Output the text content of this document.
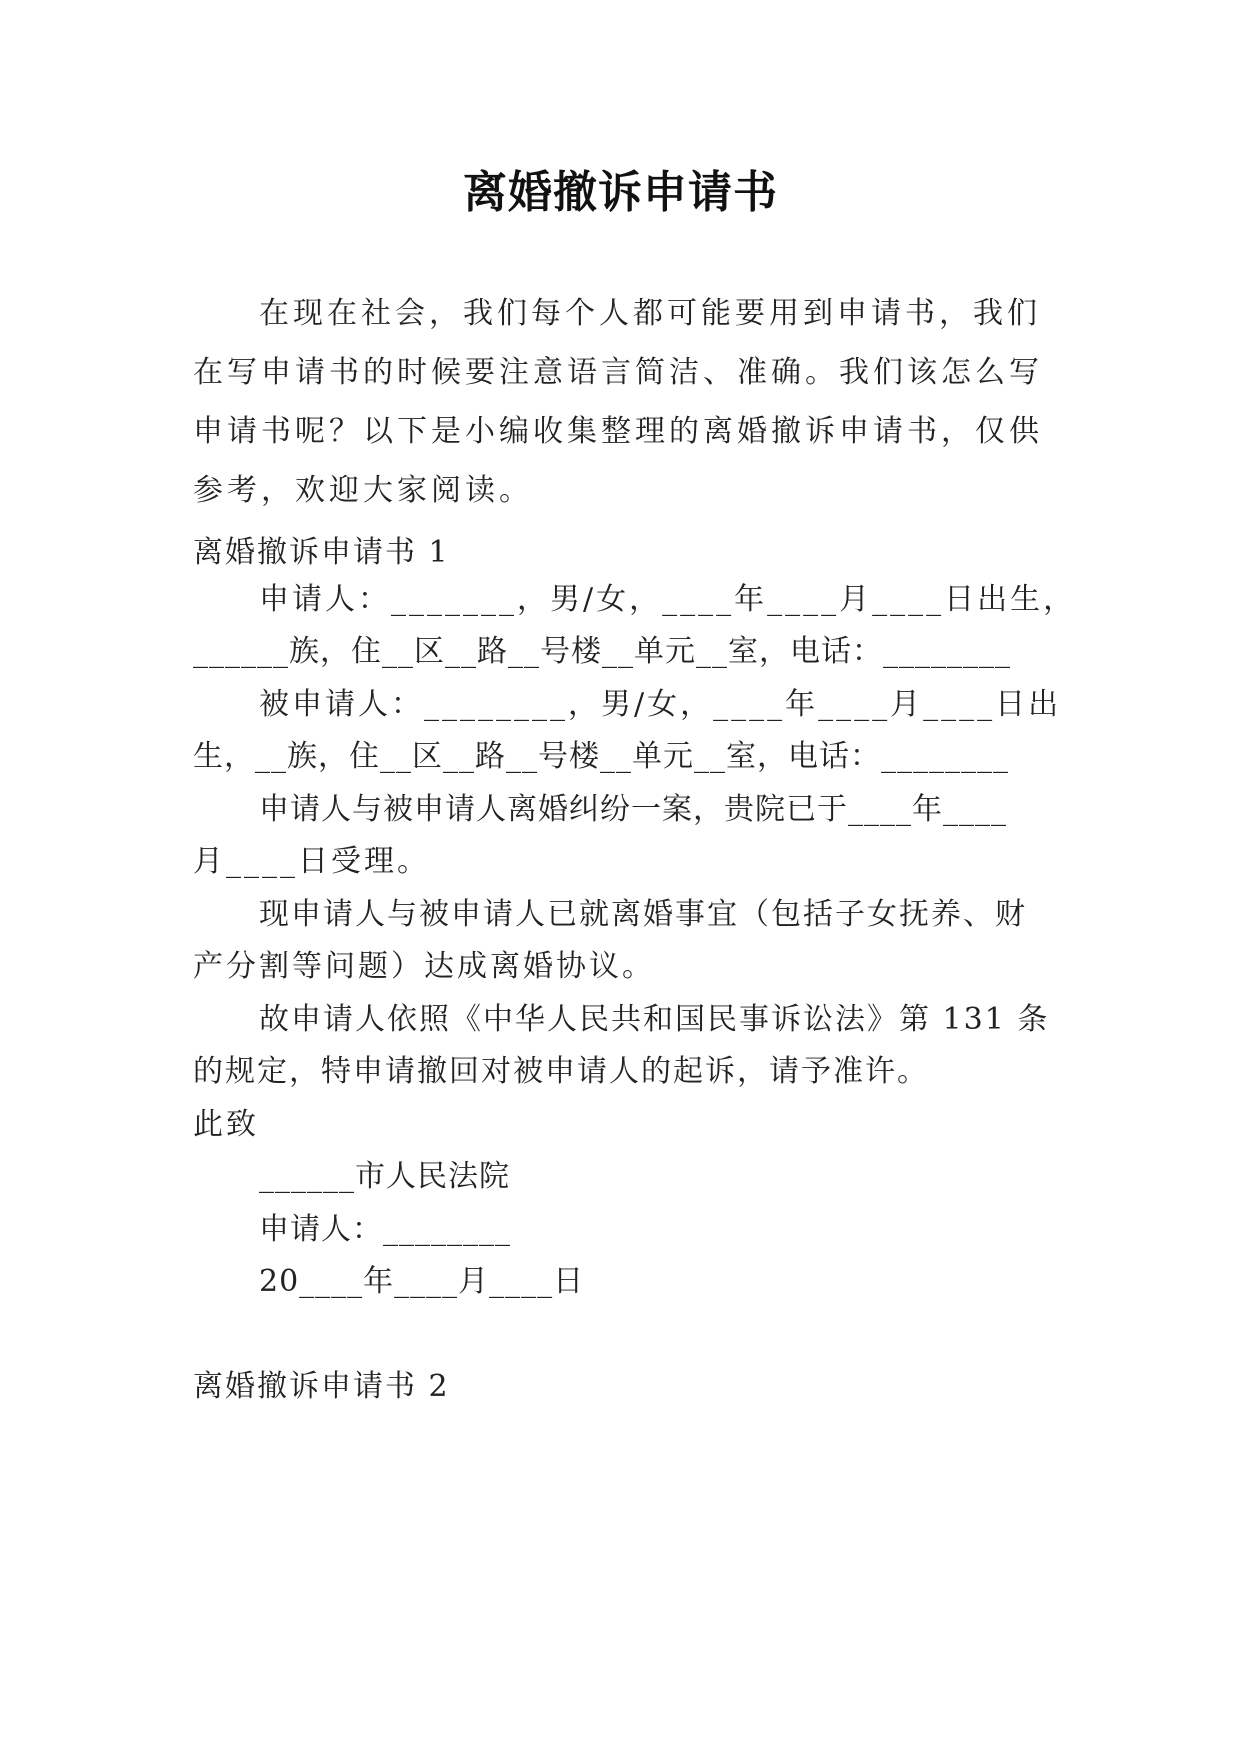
离婚撤诉申请书
在现在社会，我们每个人都可能要用到申请书，我们在写申请书的时候要注意语言简洁、准确。我们该怎么写申请书呢？以下是小编收集整理的离婚撤诉申请书，仅供参考，欢迎大家阅读。
离婚撤诉申请书 1
申请人：_______，男/女，____年____月____日出生，
______族，住__区__路__号楼__单元__室，电话：________
被申请人：________，男/女，____年____月____日出
生，__族，住__区__路__号楼__单元__室，电话：________
申请人与被申请人离婚纠纷一案，贵院已于____年____
月____日受理。
现申请人与被申请人已就离婚事宜（包括子女抚养、财
产分割等问题）达成离婚协议。
故申请人依照《中华人民共和国民事诉讼法》第 131 条
的规定，特申请撤回对被申请人的起诉，请予准许。
此致
______市人民法院
申请人：________
20____年____月____日
离婚撤诉申请书 2
